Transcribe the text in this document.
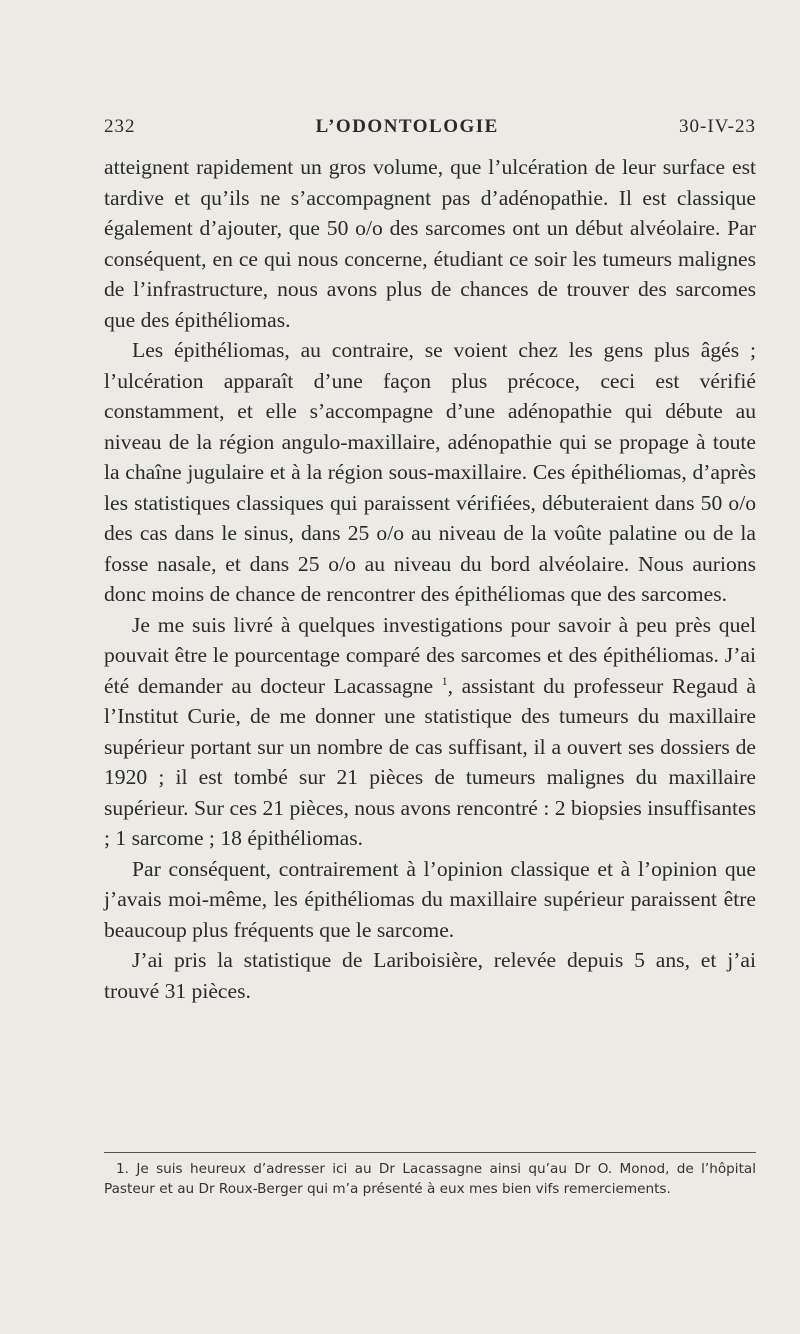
232	L’ODONTOLOGIE	30-IV-23

atteignent rapidement un gros volume, que l’ulcération de leur surface est tardive et qu’ils ne s’accompagnent pas d’adénopathie. Il est classique également d’ajouter, que 50 o/o des sarcomes ont un début alvéolaire. Par conséquent, en ce qui nous concerne, étudiant ce soir les tumeurs malignes de l’infrastructure, nous avons plus de chances de trouver des sarcomes que des épithéliomas.

Les épithéliomas, au contraire, se voient chez les gens plus âgés ; l’ulcération apparaît d’une façon plus précoce, ceci est vérifié constamment, et elle s’accompagne d’une adénopathie qui débute au niveau de la région angulo-maxillaire, adénopathie qui se propage à toute la chaîne jugulaire et à la région sous-maxillaire. Ces épithéliomas, d’après les statistiques classiques qui paraissent vérifiées, débuteraient dans 50 o/o des cas dans le sinus, dans 25 o/o au niveau de la voûte palatine ou de la fosse nasale, et dans 25 o/o au niveau du bord alvéolaire. Nous aurions donc moins de chance de rencontrer des épithéliomas que des sarcomes.

Je me suis livré à quelques investigations pour savoir à peu près quel pouvait être le pourcentage comparé des sarcomes et des épithéliomas. J’ai été demander au docteur Lacassagne $^1$, assistant du professeur Regaud à l’Institut Curie, de me donner une statistique des tumeurs du maxillaire supérieur portant sur un nombre de cas suffisant, il a ouvert ses dossiers de 1920 ; il est tombé sur 21 pièces de tumeurs malignes du maxillaire supérieur. Sur ces 21 pièces, nous avons rencontré : 2 biopsies insuffisantes ; 1 sarcome ; 18 épithéliomas.

Par conséquent, contrairement à l’opinion classique et à l’opinion que j’avais moi-même, les épithéliomas du maxillaire supérieur paraissent être beaucoup plus fréquents que le sarcome.

J’ai pris la statistique de Lariboisière, relevée depuis 5 ans, et j’ai trouvé 31 pièces.

1. Je suis heureux d’adresser ici au Dr Lacassagne ainsi qu’au Dr O. Monod, de l’hôpital Pasteur et au Dr Roux-Berger qui m’a présenté à eux mes bien vifs remerciements.
